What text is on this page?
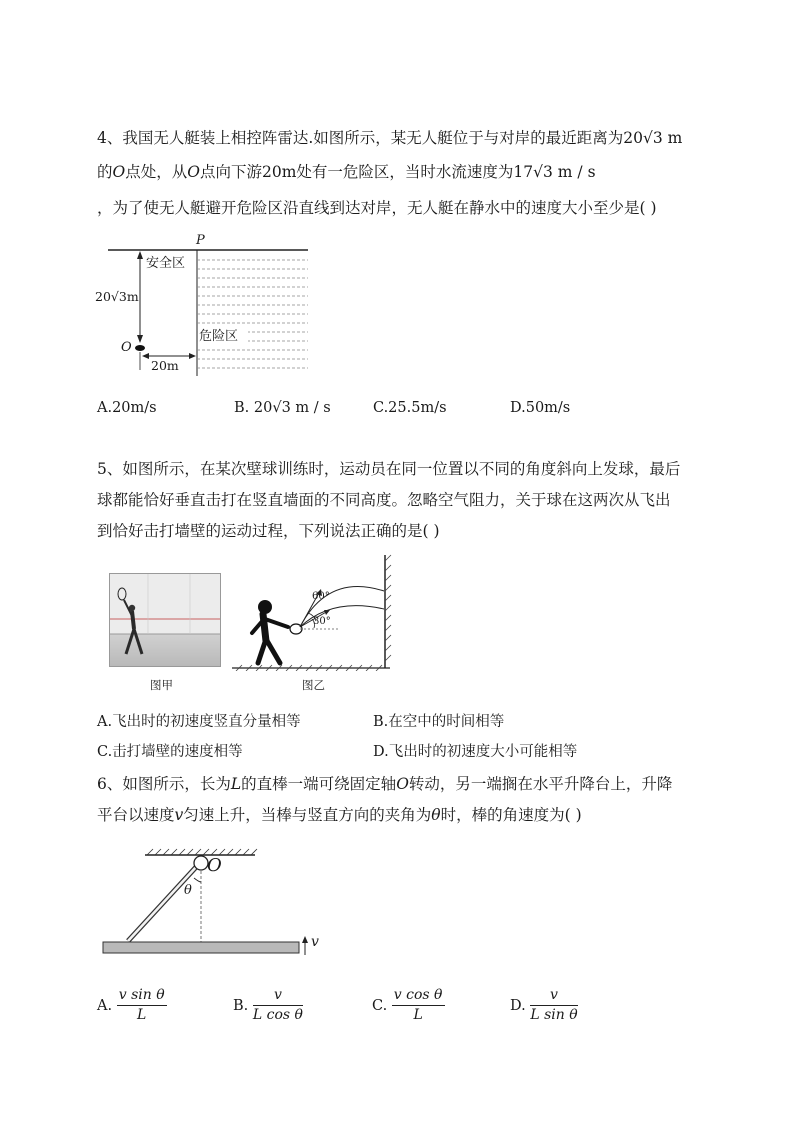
4、我国无人艇装上相控阵雷达.如图所示，某无人艇位于与对岸的最近距离为20√3 m
的O点处，从O点向下游20m处有一危险区，当时水流速度为17√3 m / s
，为了使无人艇避开危险区沿直线到达对岸，无人艇在静水中的速度大小至少是( )
P
安全区
危险区
20√3m
O
20m
A.20m/s	B. 20√3 m / s	C.25.5m/s	D.50m/s
5、如图所示，在某次壁球训练时，运动员在同一位置以不同的角度斜向上发球，最后
球都能恰好垂直击打在竖直墙面的不同高度。忽略空气阻力，关于球在这两次从飞出
到恰好击打墙壁的运动过程，下列说法正确的是( )
60°
30°
图甲	图乙
A.飞出时的初速度竖直分量相等	B.在空中的时间相等
C.击打墙壁的速度相等	D.飞出时的初速度大小可能相等
6、如图所示，长为L的直棒一端可绕固定轴O转动，另一端搁在水平升降台上，升降
平台以速度v匀速上升，当棒与竖直方向的夹角为θ时，棒的角速度为( )
O
θ
v
A. $\frac{\text{v sin θ}}{L}$	B. $\frac{v}{\text{L cos θ}}$	C. $\frac{\text{v cos θ}}{L}$	D. $\frac{v}{\text{L sin θ}}$
